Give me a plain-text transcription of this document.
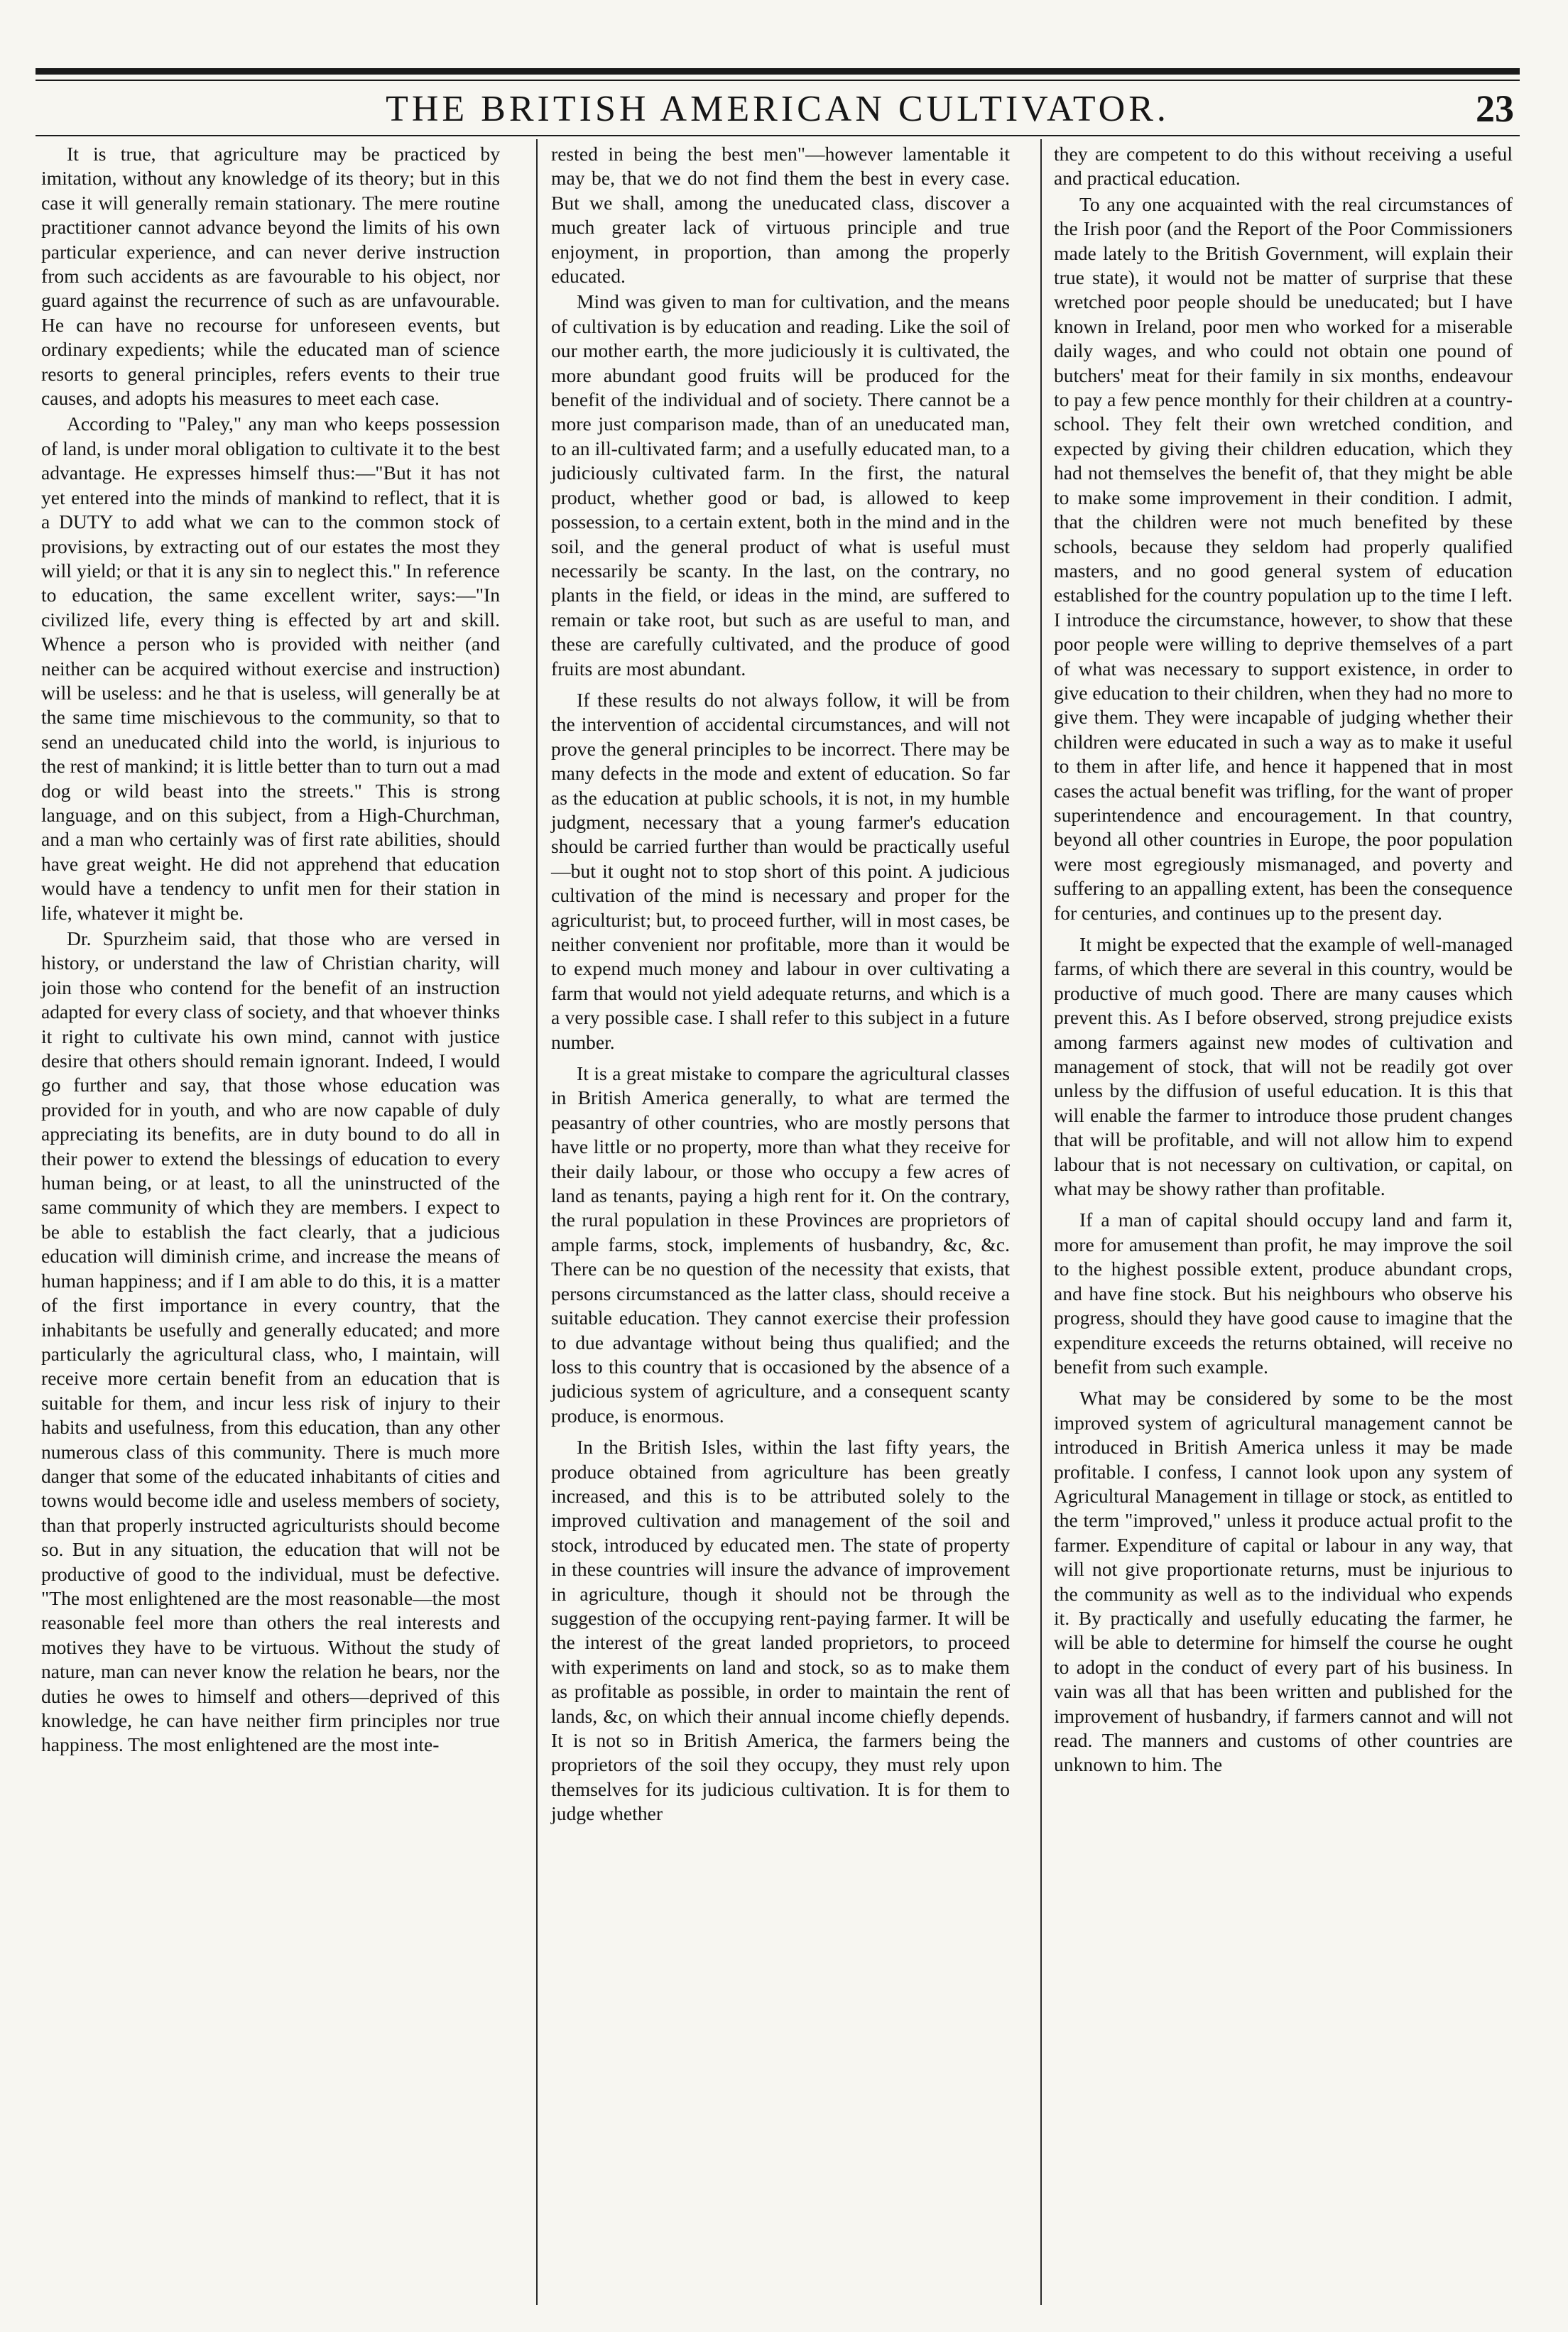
THE BRITISH AMERICAN CULTIVATOR.	23

It is true, that agriculture may be practiced by imitation, without any knowledge of its theory; but in this case it will generally remain stationary. The mere routine practitioner cannot advance beyond the limits of his own particular experience, and can never derive instruction from such accidents as are favourable to his object, nor guard against the recurrence of such as are unfavourable. He can have no recourse for unforeseen events, but ordinary expedients; while the educated man of science resorts to general principles, refers events to their true causes, and adopts his measures to meet each case.

According to "Paley," any man who keeps possession of land, is under moral obligation to cultivate it to the best advantage. He expresses himself thus:—"But it has not yet entered into the minds of mankind to reflect, that it is a DUTY to add what we can to the common stock of provisions, by extracting out of our estates the most they will yield; or that it is any sin to neglect this." In reference to education, the same excellent writer, says:—"In civilized life, every thing is effected by art and skill. Whence a person who is provided with neither (and neither can be acquired without exercise and instruction) will be useless: and he that is useless, will generally be at the same time mischievous to the community, so that to send an uneducated child into the world, is injurious to the rest of mankind; it is little better than to turn out a mad dog or wild beast into the streets." This is strong language, and on this subject, from a High-Churchman, and a man who certainly was of first rate abilities, should have great weight. He did not apprehend that education would have a tendency to unfit men for their station in life, whatever it might be.

Dr. Spurzheim said, that those who are versed in history, or understand the law of Christian charity, will join those who contend for the benefit of an instruction adapted for every class of society, and that whoever thinks it right to cultivate his own mind, cannot with justice desire that others should remain ignorant. Indeed, I would go further and say, that those whose education was provided for in youth, and who are now capable of duly appreciating its benefits, are in duty bound to do all in their power to extend the blessings of education to every human being, or at least, to all the uninstructed of the same community of which they are members. I expect to be able to establish the fact clearly, that a judicious education will diminish crime, and increase the means of human happiness; and if I am able to do this, it is a matter of the first importance in every country, that the inhabitants be usefully and generally educated; and more particularly the agricultural class, who, I maintain, will receive more certain benefit from an education that is suitable for them, and incur less risk of injury to their habits and usefulness, from this education, than any other numerous class of this community. There is much more danger that some of the educated inhabitants of cities and towns would become idle and useless members of society, than that properly instructed agriculturists should become so. But in any situation, the education that will not be productive of good to the individual, must be defective. "The most enlightened are the most reasonable—the most reasonable feel more than others the real interests and motives they have to be virtuous. Without the study of nature, man can never know the relation he bears, nor the duties he owes to himself and others—deprived of this knowledge, he can have neither firm principles nor true happiness. The most enlightened are the most inte-

rested in being the best men"—however lamentable it may be, that we do not find them the best in every case. But we shall, among the uneducated class, discover a much greater lack of virtuous principle and true enjoyment, in proportion, than among the properly educated.

Mind was given to man for cultivation, and the means of cultivation is by education and reading. Like the soil of our mother earth, the more judiciously it is cultivated, the more abundant good fruits will be produced for the benefit of the individual and of society. There cannot be a more just comparison made, than of an uneducated man, to an ill-cultivated farm; and a usefully educated man, to a judiciously cultivated farm. In the first, the natural product, whether good or bad, is allowed to keep possession, to a certain extent, both in the mind and in the soil, and the general product of what is useful must necessarily be scanty. In the last, on the contrary, no plants in the field, or ideas in the mind, are suffered to remain or take root, but such as are useful to man, and these are carefully cultivated, and the produce of good fruits are most abundant.

If these results do not always follow, it will be from the intervention of accidental circumstances, and will not prove the general principles to be incorrect. There may be many defects in the mode and extent of education. So far as the education at public schools, it is not, in my humble judgment, necessary that a young farmer's education should be carried further than would be practically useful—but it ought not to stop short of this point. A judicious cultivation of the mind is necessary and proper for the agriculturist; but, to proceed further, will in most cases, be neither convenient nor profitable, more than it would be to expend much money and labour in over cultivating a farm that would not yield adequate returns, and which is a a very possible case. I shall refer to this subject in a future number.

It is a great mistake to compare the agricultural classes in British America generally, to what are termed the peasantry of other countries, who are mostly persons that have little or no property, more than what they receive for their daily labour, or those who occupy a few acres of land as tenants, paying a high rent for it. On the contrary, the rural population in these Provinces are proprietors of ample farms, stock, implements of husbandry, &c, &c. There can be no question of the necessity that exists, that persons circumstanced as the latter class, should receive a suitable education. They cannot exercise their profession to due advantage without being thus qualified; and the loss to this country that is occasioned by the absence of a judicious system of agriculture, and a consequent scanty produce, is enormous.

In the British Isles, within the last fifty years, the produce obtained from agriculture has been greatly increased, and this is to be attributed solely to the improved cultivation and management of the soil and stock, introduced by educated men. The state of property in these countries will insure the advance of improvement in agriculture, though it should not be through the suggestion of the occupying rent-paying farmer. It will be the interest of the great landed proprietors, to proceed with experiments on land and stock, so as to make them as profitable as possible, in order to maintain the rent of lands, &c, on which their annual income chiefly depends. It is not so in British America, the farmers being the proprietors of the soil they occupy, they must rely upon themselves for its judicious cultivation. It is for them to judge whether

they are competent to do this without receiving a useful and practical education.

To any one acquainted with the real circumstances of the Irish poor (and the Report of the Poor Commissioners made lately to the British Government, will explain their true state), it would not be matter of surprise that these wretched poor people should be uneducated; but I have known in Ireland, poor men who worked for a miserable daily wages, and who could not obtain one pound of butchers' meat for their family in six months, endeavour to pay a few pence monthly for their children at a country-school. They felt their own wretched condition, and expected by giving their children education, which they had not themselves the benefit of, that they might be able to make some improvement in their condition. I admit, that the children were not much benefited by these schools, because they seldom had properly qualified masters, and no good general system of education established for the country population up to the time I left. I introduce the circumstance, however, to show that these poor people were willing to deprive themselves of a part of what was necessary to support existence, in order to give education to their children, when they had no more to give them. They were incapable of judging whether their children were educated in such a way as to make it useful to them in after life, and hence it happened that in most cases the actual benefit was trifling, for the want of proper superintendence and encouragement. In that country, beyond all other countries in Europe, the poor population were most egregiously mismanaged, and poverty and suffering to an appalling extent, has been the consequence for centuries, and continues up to the present day.

It might be expected that the example of well-managed farms, of which there are several in this country, would be productive of much good. There are many causes which prevent this. As I before observed, strong prejudice exists among farmers against new modes of cultivation and management of stock, that will not be readily got over unless by the diffusion of useful education. It is this that will enable the farmer to introduce those prudent changes that will be profitable, and will not allow him to expend labour that is not necessary on cultivation, or capital, on what may be showy rather than profitable.

If a man of capital should occupy land and farm it, more for amusement than profit, he may improve the soil to the highest possible extent, produce abundant crops, and have fine stock. But his neighbours who observe his progress, should they have good cause to imagine that the expenditure exceeds the returns obtained, will receive no benefit from such example.

What may be considered by some to be the most improved system of agricultural management cannot be introduced in British America unless it may be made profitable. I confess, I cannot look upon any system of Agricultural Management in tillage or stock, as entitled to the term "improved," unless it produce actual profit to the farmer. Expenditure of capital or labour in any way, that will not give proportionate returns, must be injurious to the community as well as to the individual who expends it. By practically and usefully educating the farmer, he will be able to determine for himself the course he ought to adopt in the conduct of every part of his business. In vain was all that has been written and published for the improvement of husbandry, if farmers cannot and will not read. The manners and customs of other countries are unknown to him. The
